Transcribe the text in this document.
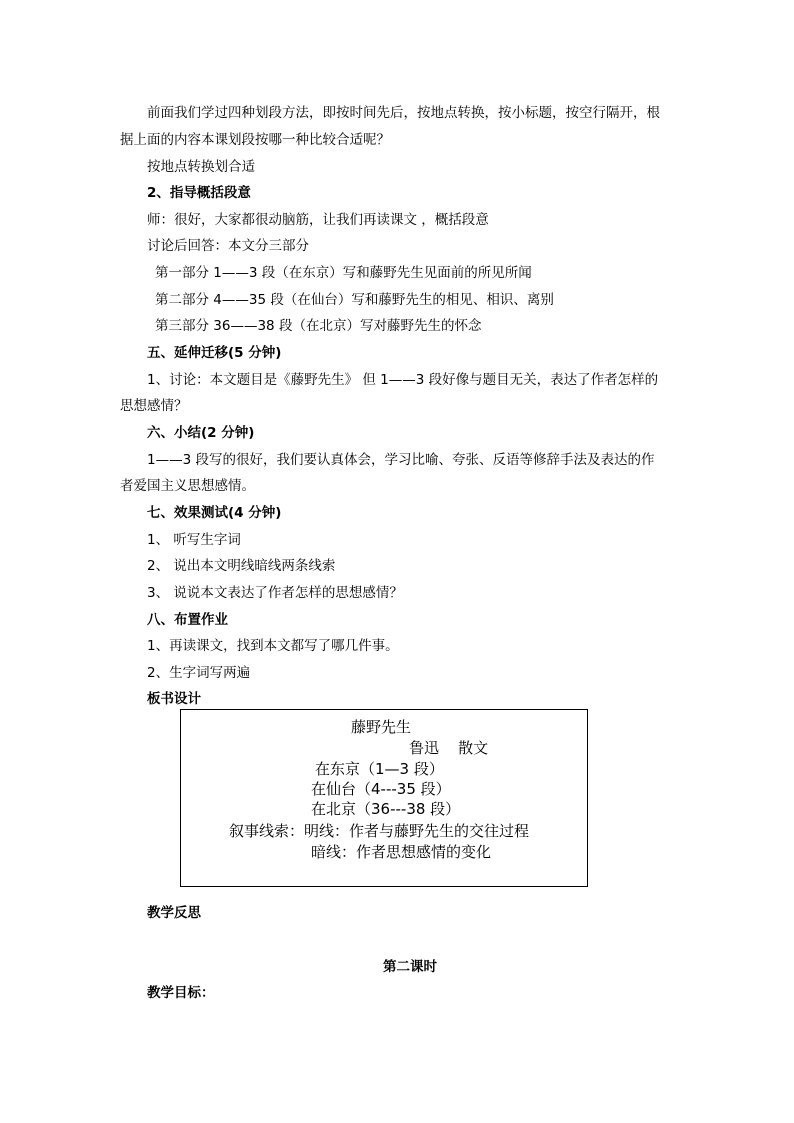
前面我们学过四种划段方法，即按时间先后，按地点转换，按小标题，按空行隔开，根
据上面的内容本课划段按哪一种比较合适呢？
按地点转换划合适
2、指导概括段意
师：很好，大家都很动脑筋，让我们再读课文 ，概括段意
讨论后回答：本文分三部分
第一部分 1——3 段（在东京）写和藤野先生见面前的所见所闻
第二部分 4——35 段（在仙台）写和藤野先生的相见、相识、离别
第三部分 36——38 段（在北京）写对藤野先生的怀念
五、延伸迁移(5 分钟)
1、讨论：本文题目是《藤野先生》 但 1——3 段好像与题目无关，表达了作者怎样的
思想感情？
六、小结(2 分钟)
1——3 段写的很好，我们要认真体会，学习比喻、夸张、反语等修辞手法及表达的作
者爱国主义思想感情。
七、效果测试(4 分钟)
1、 听写生字词
2、 说出本文明线暗线两条线索
3、 说说本文表达了作者怎样的思想感情？
八、布置作业
1、再读课文，找到本文都写了哪几件事。
2、生字词写两遍
板书设计
藤野先生
鲁迅    散文
在东京（1—3 段）
在仙台（4---35 段）
在北京（36---38 段）
叙事线索：明线：作者与藤野先生的交往过程
暗线：作者思想感情的变化
教学反思
第二课时
教学目标：
